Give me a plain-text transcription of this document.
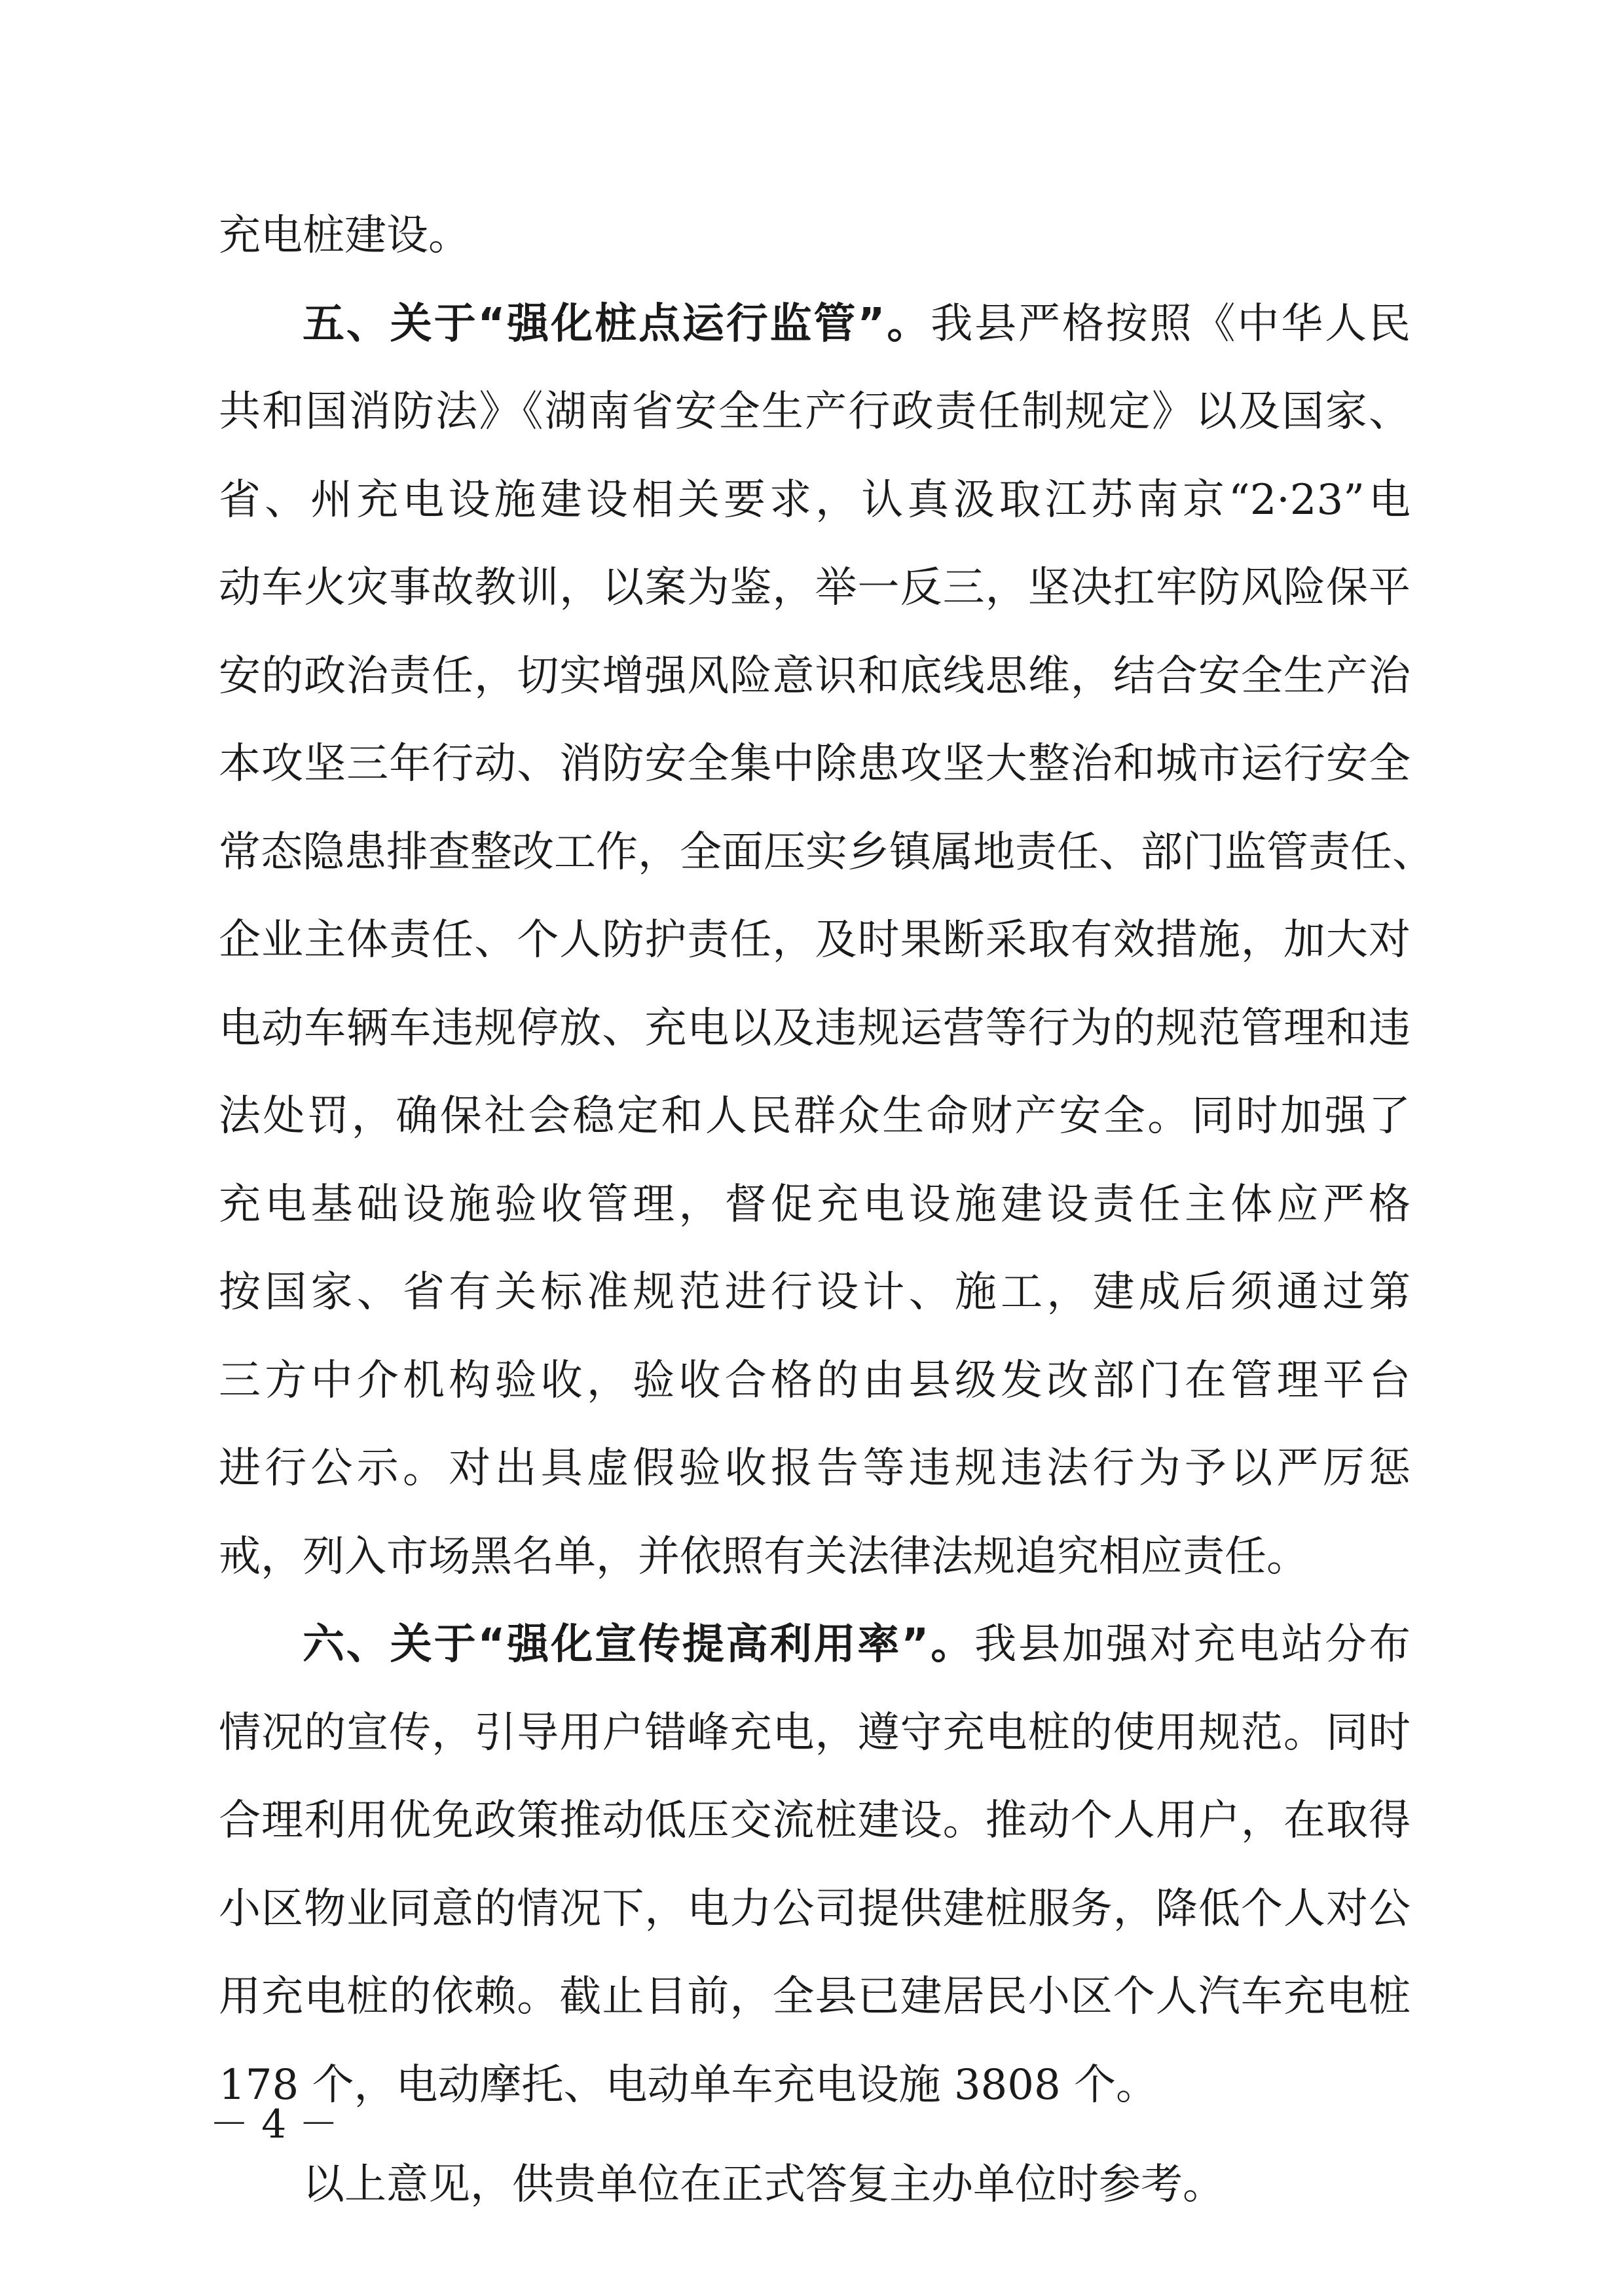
充电桩建设。
五、关于“强化桩点运行监管”。我县严格按照《中华人民
共和国消防法》《湖南省安全生产行政责任制规定》以及国家、
省、州充电设施建设相关要求，认真汲取江苏南京“2·23”电
动车火灾事故教训，以案为鉴，举一反三，坚决扛牢防风险保平
安的政治责任，切实增强风险意识和底线思维，结合安全生产治
本攻坚三年行动、消防安全集中除患攻坚大整治和城市运行安全
常态隐患排查整改工作，全面压实乡镇属地责任、部门监管责任、
企业主体责任、个人防护责任，及时果断采取有效措施，加大对
电动车辆车违规停放、充电以及违规运营等行为的规范管理和违
法处罚，确保社会稳定和人民群众生命财产安全。同时加强了
充电基础设施验收管理，督促充电设施建设责任主体应严格
按国家、省有关标准规范进行设计、施工，建成后须通过第
三方中介机构验收，验收合格的由县级发改部门在管理平台
进行公示。对出具虚假验收报告等违规违法行为予以严厉惩
戒，列入市场黑名单，并依照有关法律法规追究相应责任。
六、关于“强化宣传提高利用率”。我县加强对充电站分布
情况的宣传，引导用户错峰充电，遵守充电桩的使用规范。同时
合理利用优免政策推动低压交流桩建设。推动个人用户，在取得
小区物业同意的情况下，电力公司提供建桩服务，降低个人对公
用充电桩的依赖。截止目前，全县已建居民小区个人汽车充电桩
178 个，电动摩托、电动单车充电设施 3808 个。
以上意见，供贵单位在正式答复主办单位时参考。
－ 4 －
